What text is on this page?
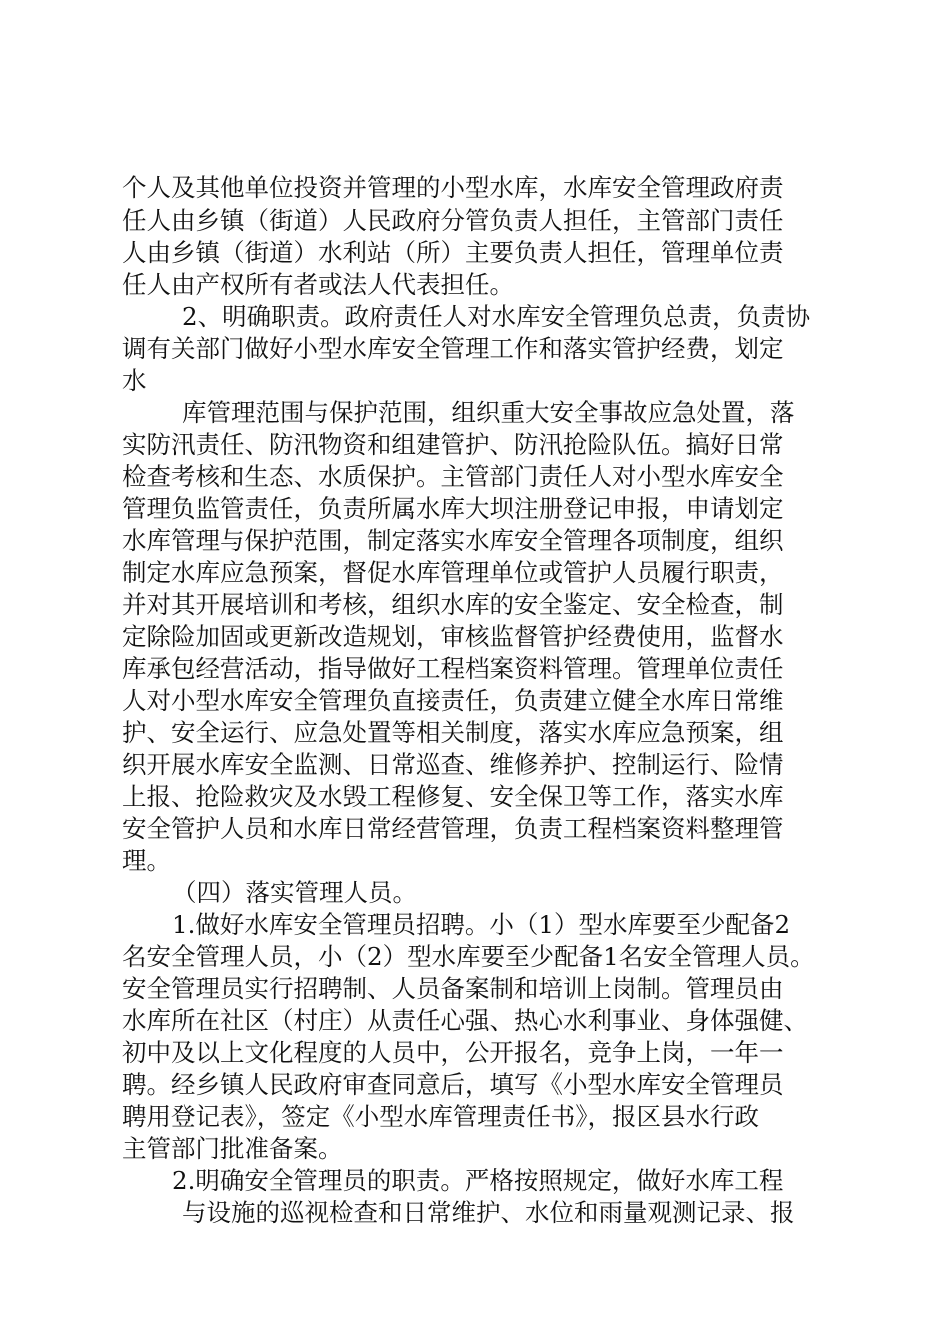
个人及其他单位投资并管理的小型水库，水库安全管理政府责

任人由乡镇（街道）人民政府分管负责人担任，主管部门责任

人由乡镇（街道）水利站（所）主要负责人担任，管理单位责

任人由产权所有者或法人代表担任。

2、明确职责。政府责任人对水库安全管理负总责，负责协

调有关部门做好小型水库安全管理工作和落实管护经费，划定

水

库管理范围与保护范围，组织重大安全事故应急处置，落

实防汛责任、防汛物资和组建管护、防汛抢险队伍。搞好日常

检查考核和生态、水质保护。主管部门责任人对小型水库安全

管理负监管责任，负责所属水库大坝注册登记申报，申请划定

水库管理与保护范围，制定落实水库安全管理各项制度，组织

制定水库应急预案，督促水库管理单位或管护人员履行职责，

并对其开展培训和考核，组织水库的安全鉴定、安全检查，制

定除险加固或更新改造规划，审核监督管护经费使用，监督水

库承包经营活动，指导做好工程档案资料管理。管理单位责任

人对小型水库安全管理负直接责任，负责建立健全水库日常维

护、安全运行、应急处置等相关制度，落实水库应急预案，组

织开展水库安全监测、日常巡查、维修养护、控制运行、险情

上报、抢险救灾及水毁工程修复、安全保卫等工作，落实水库

安全管护人员和水库日常经营管理，负责工程档案资料整理管

理。

（四）落实管理人员。

1.做好水库安全管理员招聘。小（1）型水库要至少配备2

名安全管理人员，小（2）型水库要至少配备1名安全管理人员。

安全管理员实行招聘制、人员备案制和培训上岗制。管理员由

水库所在社区（村庄）从责任心强、热心水利事业、身体强健、

初中及以上文化程度的人员中，公开报名，竞争上岗，一年一

聘。经乡镇人民政府审查同意后，填写《小型水库安全管理员

聘用登记表》，签定《小型水库管理责任书》，报区县水行政

主管部门批准备案。

2.明确安全管理员的职责。严格按照规定，做好水库工程

与设施的巡视检查和日常维护、水位和雨量观测记录、报
